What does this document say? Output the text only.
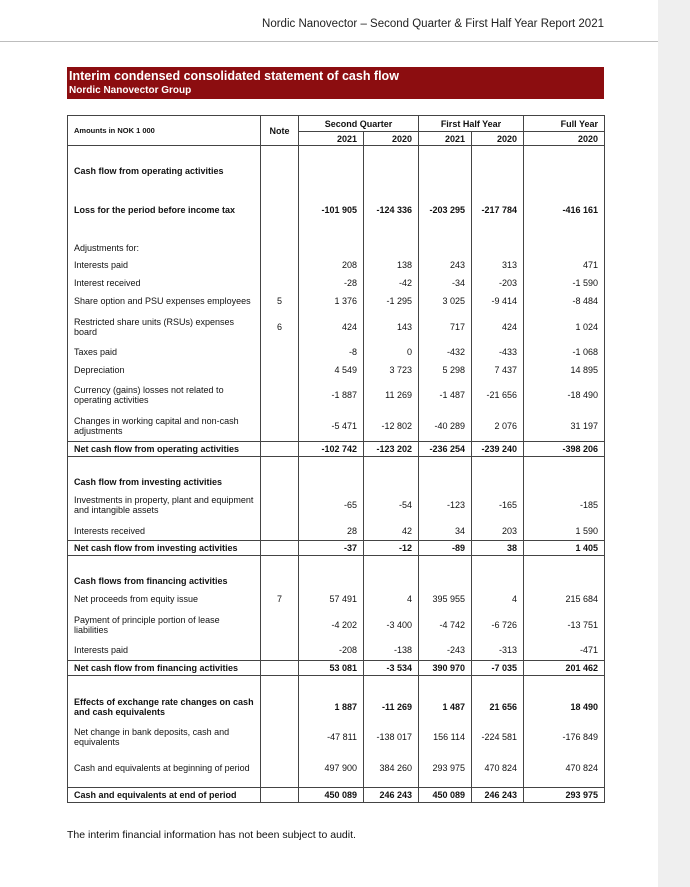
Nordic Nanovector – Second Quarter & First Half Year Report 2021
Interim condensed consolidated statement of cash flow
Nordic Nanovector Group
Amounts in NOK 1 000	Note	Second Quarter		First Half Year		Full Year
		2021	2020	2021	2020	2020

Cash flow from operating activities						

Loss for the period before income tax		-101 905	-124 336	-203 295	-217 784	-416 161

Adjustments for:						
Interests paid		208	138	243	313	471
Interest received		-28	-42	-34	-203	-1 590
Share option and PSU expenses employees	5	1 376	-1 295	3 025	-9 414	-8 484
Restricted share units (RSUs) expenses board	6	424	143	717	424	1 024
Taxes paid		-8	0	-432	-433	-1 068
Depreciation		4 549	3 723	5 298	7 437	14 895
Currency (gains) losses not related to operating activities		-1 887	11 269	-1 487	-21 656	-18 490
Changes in working capital and non-cash adjustments		-5 471	-12 802	-40 289	2 076	31 197
Net cash flow from operating activities		-102 742	-123 202	-236 254	-239 240	-398 206

Cash flow from investing activities						
Investments in property, plant and equipment and intangible assets		-65	-54	-123	-165	-185
Interests received		28	42	34	203	1 590
Net cash flow from investing activities		-37	-12	-89	38	1 405

Cash flows from financing activities						
Net proceeds from equity issue	7	57 491	4	395 955	4	215 684
Payment of principle portion of lease liabilities		-4 202	-3 400	-4 742	-6 726	-13 751
Interests paid		-208	-138	-243	-313	-471
Net cash flow from financing activities		53 081	-3 534	390 970	-7 035	201 462

Effects of exchange rate changes on cash and cash equivalents		1 887	-11 269	1 487	21 656	18 490
Net change in bank deposits, cash and equivalents		-47 811	-138 017	156 114	-224 581	-176 849
Cash and equivalents at beginning of period		497 900	384 260	293 975	470 824	470 824

Cash and equivalents at end of period		450 089	246 243	450 089	246 243	293 975
The interim financial information has not been subject to audit.
